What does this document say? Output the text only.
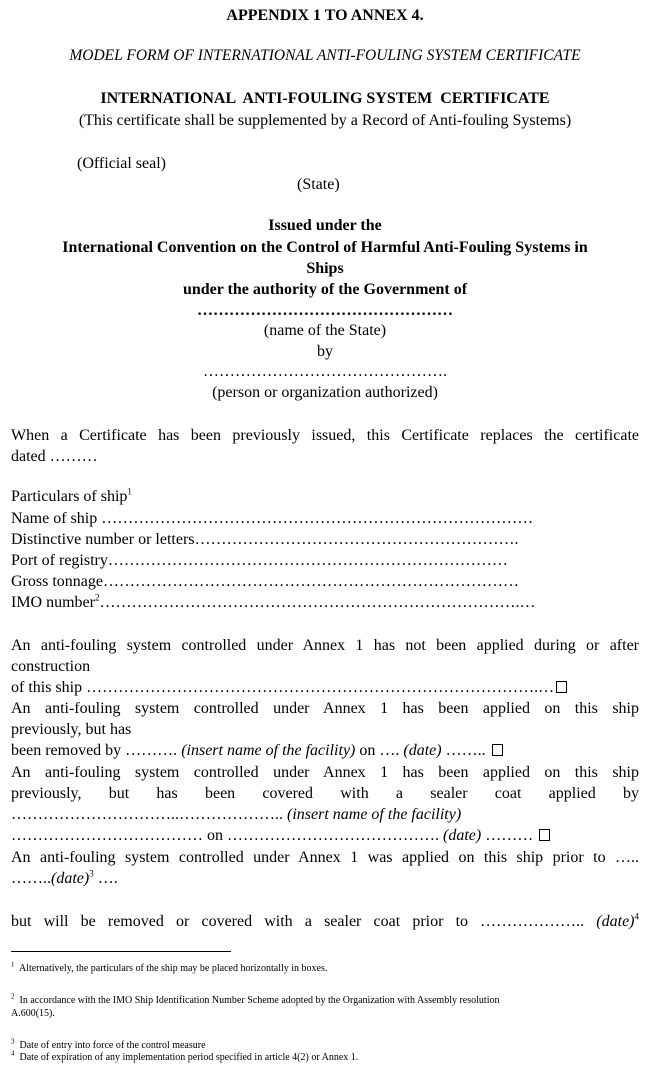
APPENDIX 1 TO ANNEX 4.
MODEL FORM OF INTERNATIONAL ANTI-FOULING SYSTEM CERTIFICATE
INTERNATIONAL  ANTI-FOULING SYSTEM  CERTIFICATE
(This certificate shall be supplemented by a Record of Anti-fouling Systems)
(Official seal)
(State)
Issued under the
International Convention on the Control of Harmful Anti-Fouling Systems in
Ships
under the authority of the Government of
…………………………………………
(name of the State)
by
……………………………………….
(person or organization authorized)
When a Certificate has been previously issued, this Certificate replaces the certificate
dated ………
Particulars of ship$^1$
Name of ship ………………………………………………………………………
Distinctive number or letters…………………………………………………….
Port of registry…………………………………………………………………
Gross tonnage……………………………………………………………………
IMO number$^2$…………………………………………………………………….…
An anti-fouling system controlled under Annex 1 has not been applied during or after
construction
of this ship ………………………………………………………………………….…
An anti-fouling system controlled under Annex 1 has been applied on this ship
previously, but has
been removed by ………. (insert name of the facility) on …. (date) ……..
An anti-fouling system controlled under Annex 1 has been applied on this ship
previously, but has been covered with a sealer coat applied by
…………………………..……………….. (insert name of the facility)
……………………………… on …………………………………. (date) ………
An anti-fouling system controlled under Annex 1 was applied on this ship prior to …..
……..(date)$^3$ ….
but will be removed or covered with a sealer coat prior to ……………….. (date)$^4$
$^1$ Alternatively, the particulars of the ship may be placed horizontally in boxes.
$^2$ In accordance with the IMO Ship Identification Number Scheme adopted by the Organization with Assembly resolution
A.600(15).
$^3$ Date of entry into force of the control measure
$^4$ Date of expiration of any implementation period specified in article 4(2) or Annex 1.
